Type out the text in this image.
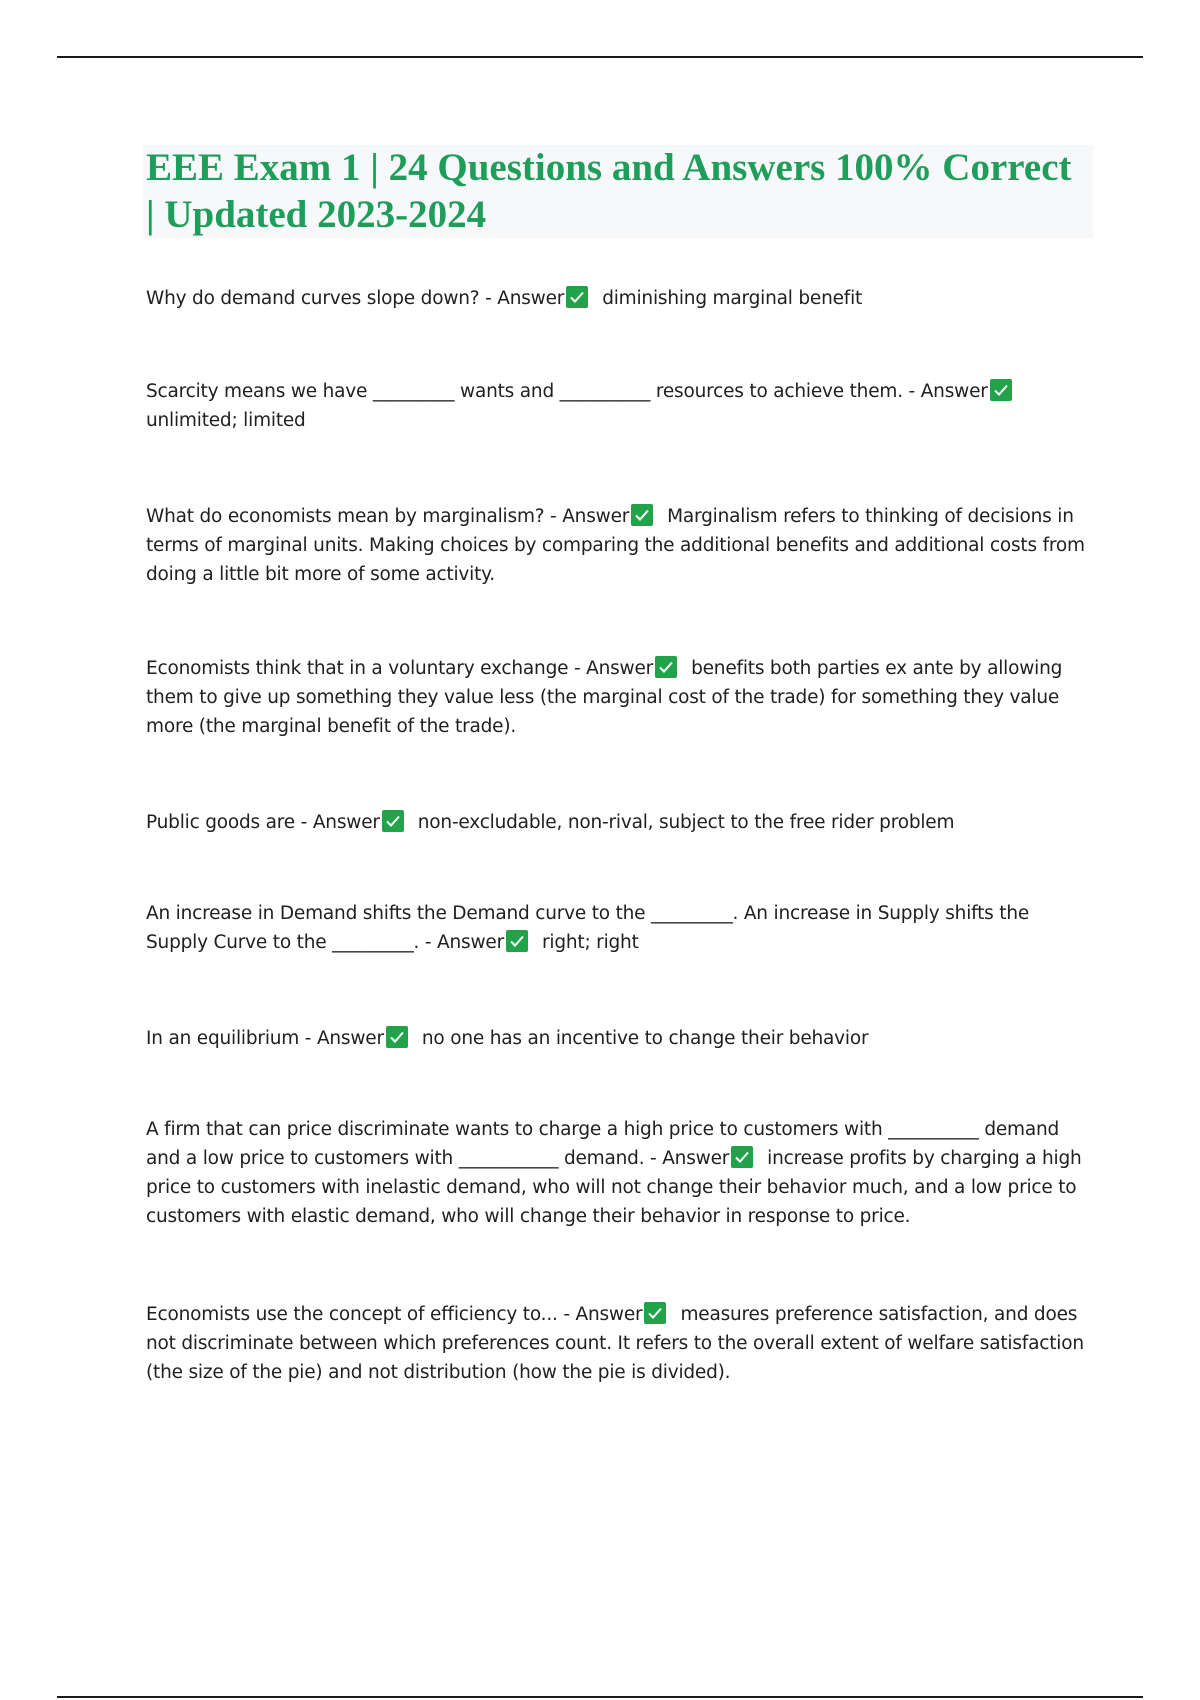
EEE Exam 1 | 24 Questions and Answers 100% Correct | Updated 2023-2024

Why do demand curves slope down? - Answer diminishing marginal benefit

Scarcity means we have _________ wants and __________ resources to achieve them. - Answer
unlimited; limited

What do economists mean by marginalism? - Answer Marginalism refers to thinking of decisions in terms of marginal units. Making choices by comparing the additional benefits and additional costs from doing a little bit more of some activity.

Economists think that in a voluntary exchange - Answer benefits both parties ex ante by allowing them to give up something they value less (the marginal cost of the trade) for something they value more (the marginal benefit of the trade).

Public goods are - Answer non-excludable, non-rival, subject to the free rider problem

An increase in Demand shifts the Demand curve to the _________. An increase in Supply shifts the Supply Curve to the _________. - Answer right; right

In an equilibrium - Answer no one has an incentive to change their behavior

A firm that can price discriminate wants to charge a high price to customers with __________ demand and a low price to customers with ___________ demand. - Answer increase profits by charging a high price to customers with inelastic demand, who will not change their behavior much, and a low price to customers with elastic demand, who will change their behavior in response to price.

Economists use the concept of efficiency to... - Answer measures preference satisfaction, and does not discriminate between which preferences count. It refers to the overall extent of welfare satisfaction (the size of the pie) and not distribution (how the pie is divided).
